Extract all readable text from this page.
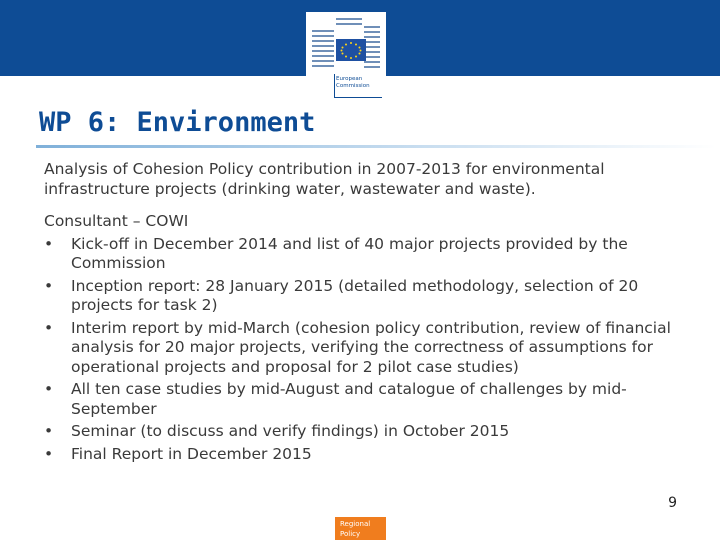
European
Commission
WP 6: Environment

Analysis of Cohesion Policy contribution in 2007-2013 for environmental infrastructure projects (drinking water, wastewater and waste).

Consultant – COWI

• Kick-off in December 2014 and list of 40 major projects provided by the Commission
• Inception report: 28 January 2015 (detailed methodology, selection of 20 projects for task 2)
• Interim report by mid-March (cohesion policy contribution, review of financial analysis for 20 major projects, verifying the correctness of assumptions for operational projects and proposal for 2 pilot case studies)
• All ten case studies by mid-August and catalogue of challenges by mid-September
• Seminar (to discuss and verify findings) in October 2015
• Final Report in December 2015
9
Regional
Policy
